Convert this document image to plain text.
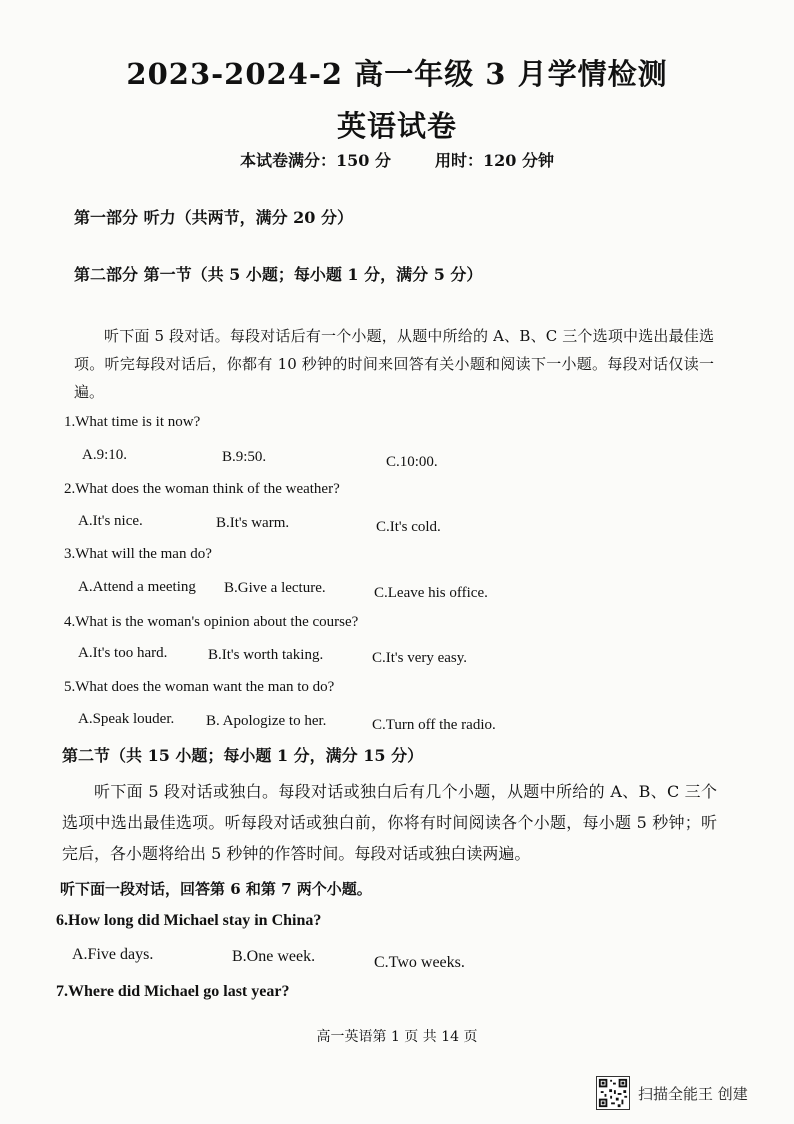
2023-2024-2 高一年级 3 月学情检测
英语试卷
本试卷满分：150 分	用时：120 分钟
第一部分 听力（共两节，满分 20 分）
第二部分 第一节（共 5 小题；每小题 1 分，满分 5 分）
听下面 5 段对话。每段对话后有一个小题，从题中所给的 A、B、C 三个选项中选出最佳选项。听完每段对话后，你都有 10 秒钟的时间来回答有关小题和阅读下一小题。每段对话仅读一遍。
1.What time is it now?
A.9:10.	B.9:50.	C.10:00.
2.What does the woman think of the weather?
A.It's nice.	B.It's warm.	C.It's cold.
3.What will the man do?
A.Attend a meeting B.Give a lecture.	C.Leave his office.
4.What is the woman's opinion about the course?
A.It's too hard.	B.It's worth taking.	C.It's very easy.
5.What does the woman want the man to do?
A.Speak louder. B. Apologize to her.	C.Turn off the radio.
第二节（共 15 小题；每小题 1 分，满分 15 分）
听下面 5 段对话或独白。每段对话或独白后有几个小题，从题中所给的 A、B、C 三个选项中选出最佳选项。听每段对话或独白前，你将有时间阅读各个小题，每小题 5 秒钟；听完后，各小题将给出 5 秒钟的作答时间。每段对话或独白读两遍。
听下面一段对话，回答第 6 和第 7 两个小题。
6.How long did Michael stay in China?
A.Five days.	B.One week.	C.Two weeks.
7.Where did Michael go last year?
高一英语第 1 页 共 14 页
扫描全能王 创建
